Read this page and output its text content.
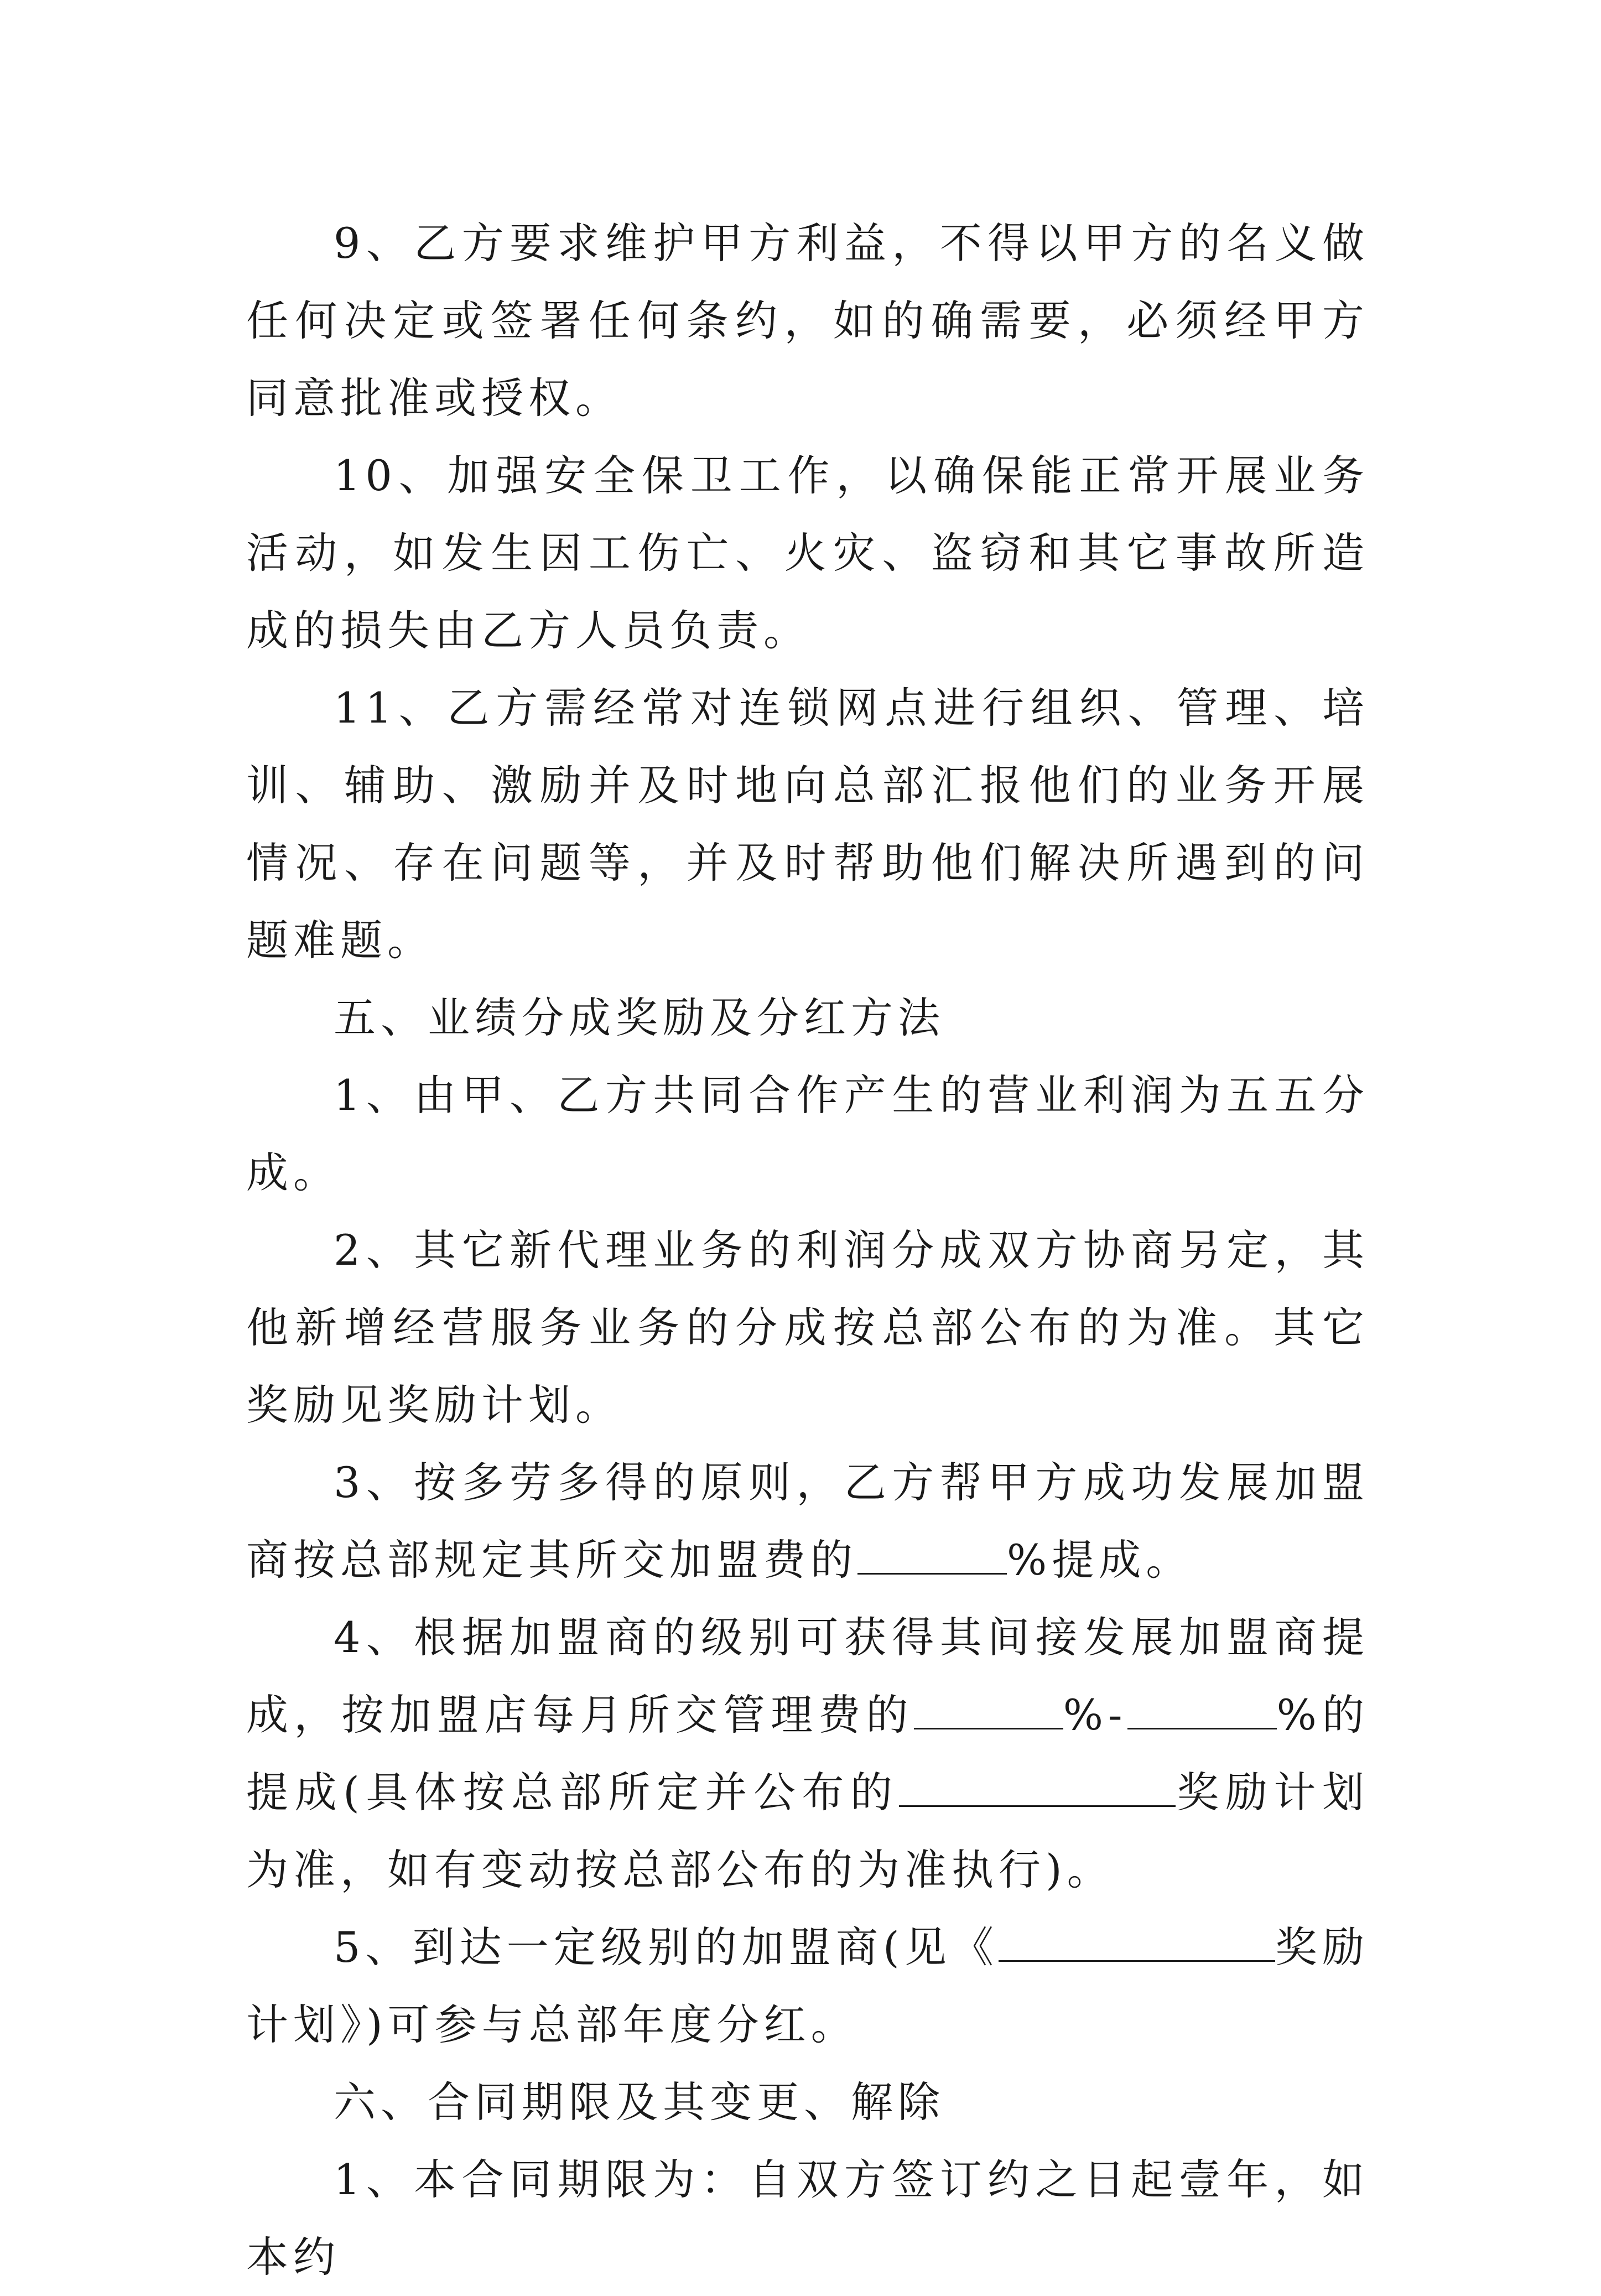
9、乙方要求维护甲方利益，不得以甲方的名义做任何决定或签署任何条约，如的确需要，必须经甲方同意批准或授权。

10、加强安全保卫工作，以确保能正常开展业务活动，如发生因工伤亡、火灾、盗窃和其它事故所造成的损失由乙方人员负责。

11、乙方需经常对连锁网点进行组织、管理、培训、辅助、激励并及时地向总部汇报他们的业务开展情况、存在问题等，并及时帮助他们解决所遇到的问题难题。

五、业绩分成奖励及分红方法

1、由甲、乙方共同合作产生的营业利润为五五分成。

2、其它新代理业务的利润分成双方协商另定，其他新增经营服务业务的分成按总部公布的为准。其它奖励见奖励计划。

3、按多劳多得的原则，乙方帮甲方成功发展加盟商按总部规定其所交加盟费的	%提成。

4、根据加盟商的级别可获得其间接发展加盟商提成，按加盟店每月所交管理费的	%-	%的提成(具体按总部所定并公布的	奖励计划为准，如有变动按总部公布的为准执行)。

5、到达一定级别的加盟商(见《	奖励计划》)可参与总部年度分红。

六、合同期限及其变更、解除

1、本合同期限为：自双方签订约之日起壹年，如本约
